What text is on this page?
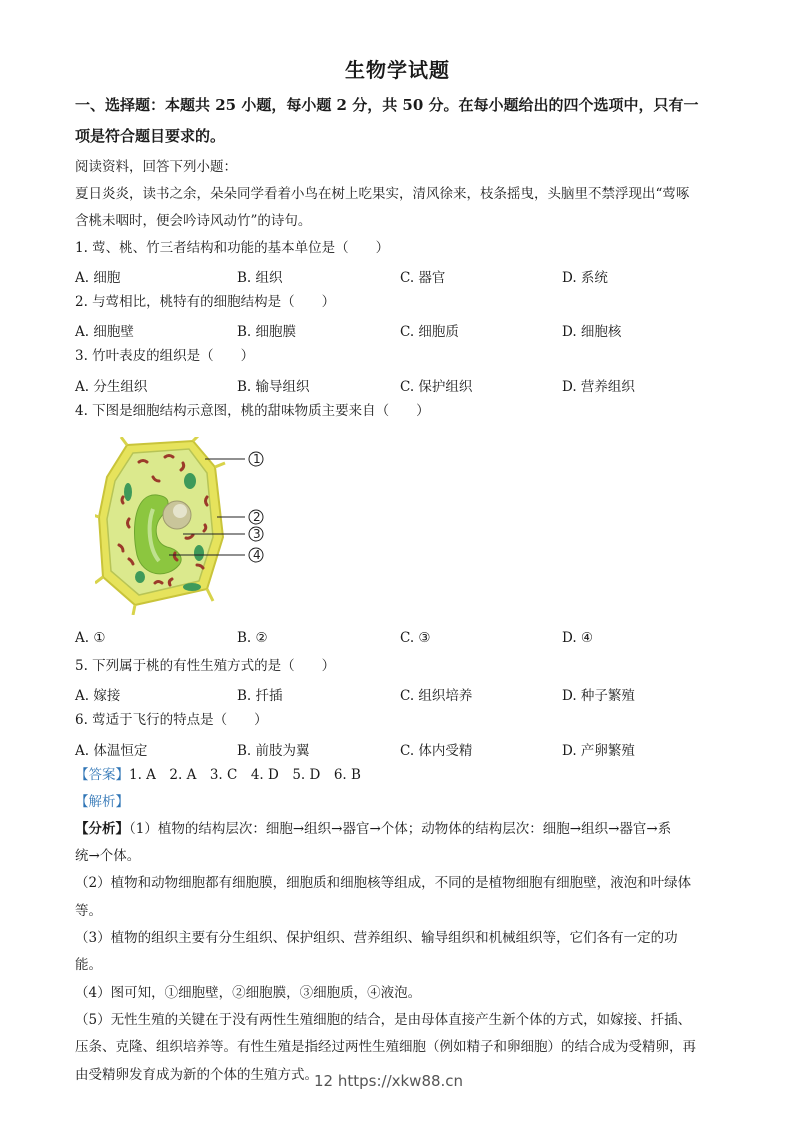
生物学试题
一、选择题：本题共 25 小题，每小题 2 分，共 50 分。在每小题给出的四个选项中，只有一
项是符合题目要求的。
阅读资料，回答下列小题：
夏日炎炎，读书之余，朵朵同学看着小鸟在树上吃果实，清风徐来，枝条摇曳，头脑里不禁浮现出“莺啄
含桃未咽时，便会吟诗风动竹”的诗句。
1. 莺、桃、竹三者结构和功能的基本单位是（　　）
A. 细胞	B. 组织	C. 器官	D. 系统
2. 与莺相比，桃特有的细胞结构是（　　）
A. 细胞壁	B. 细胞膜	C. 细胞质	D. 细胞核
3. 竹叶表皮的组织是（　　）
A. 分生组织	B. 输导组织	C. 保护组织	D. 营养组织
4. 下图是细胞结构示意图，桃的甜味物质主要来自（　　）
1
2
3
4
A. ①	B. ②	C. ③	D. ④
5. 下列属于桃的有性生殖方式的是（　　）
A. 嫁接	B. 扦插	C. 组织培养	D. 种子繁殖
6. 莺适于飞行的特点是（　　）
A. 体温恒定	B. 前肢为翼	C. 体内受精	D. 产卵繁殖
【答案】1. A　2. A　3. C　4. D　5. D　6. B
【解析】
【分析】（1）植物的结构层次：细胞→组织→器官→个体；动物体的结构层次：细胞→组织→器官→系
统→个体。
（2）植物和动物细胞都有细胞膜，细胞质和细胞核等组成，不同的是植物细胞有细胞壁，液泡和叶绿体
等。
（3）植物的组织主要有分生组织、保护组织、营养组织、输导组织和机械组织等，它们各有一定的功
能。
（4）图可知，①细胞壁，②细胞膜，③细胞质，④液泡。
（5）无性生殖的关键在于没有两性生殖细胞的结合，是由母体直接产生新个体的方式，如嫁接、扦插、
压条、克隆、组织培养等。有性生殖是指经过两性生殖细胞（例如精子和卵细胞）的结合成为受精卵，再
由受精卵发育成为新的个体的生殖方式。
12 https://xkw88.cn
